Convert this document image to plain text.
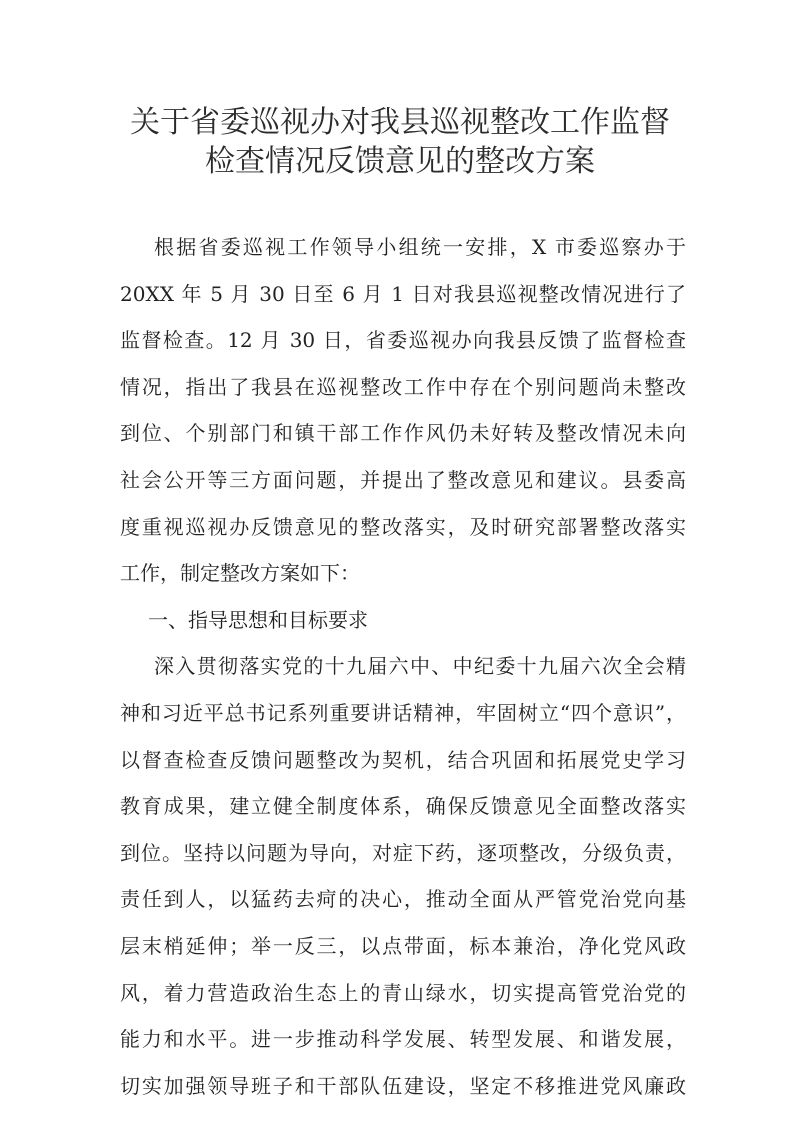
关于省委巡视办对我县巡视整改工作监督
检查情况反馈意见的整改方案
根据省委巡视工作领导小组统一安排，X 市委巡察办于
20XX 年 5 月 30 日至 6 月 1 日对我县巡视整改情况进行了
监督检查。12 月 30 日，省委巡视办向我县反馈了监督检查
情况，指出了我县在巡视整改工作中存在个别问题尚未整改
到位、个别部门和镇干部工作作风仍未好转及整改情况未向
社会公开等三方面问题，并提出了整改意见和建议。县委高
度重视巡视办反馈意见的整改落实，及时研究部署整改落实
工作，制定整改方案如下：
一、指导思想和目标要求
深入贯彻落实党的十九届六中、中纪委十九届六次全会精
神和习近平总书记系列重要讲话精神，牢固树立“四个意识”，
以督查检查反馈问题整改为契机，结合巩固和拓展党史学习
教育成果，建立健全制度体系，确保反馈意见全面整改落实
到位。坚持以问题为导向，对症下药，逐项整改，分级负责，
责任到人，以猛药去疴的决心，推动全面从严管党治党向基
层末梢延伸；举一反三，以点带面，标本兼治，净化党风政
风，着力营造政治生态上的青山绿水，切实提高管党治党的
能力和水平。进一步推动科学发展、转型发展、和谐发展，
切实加强领导班子和干部队伍建设，坚定不移推进党风廉政
